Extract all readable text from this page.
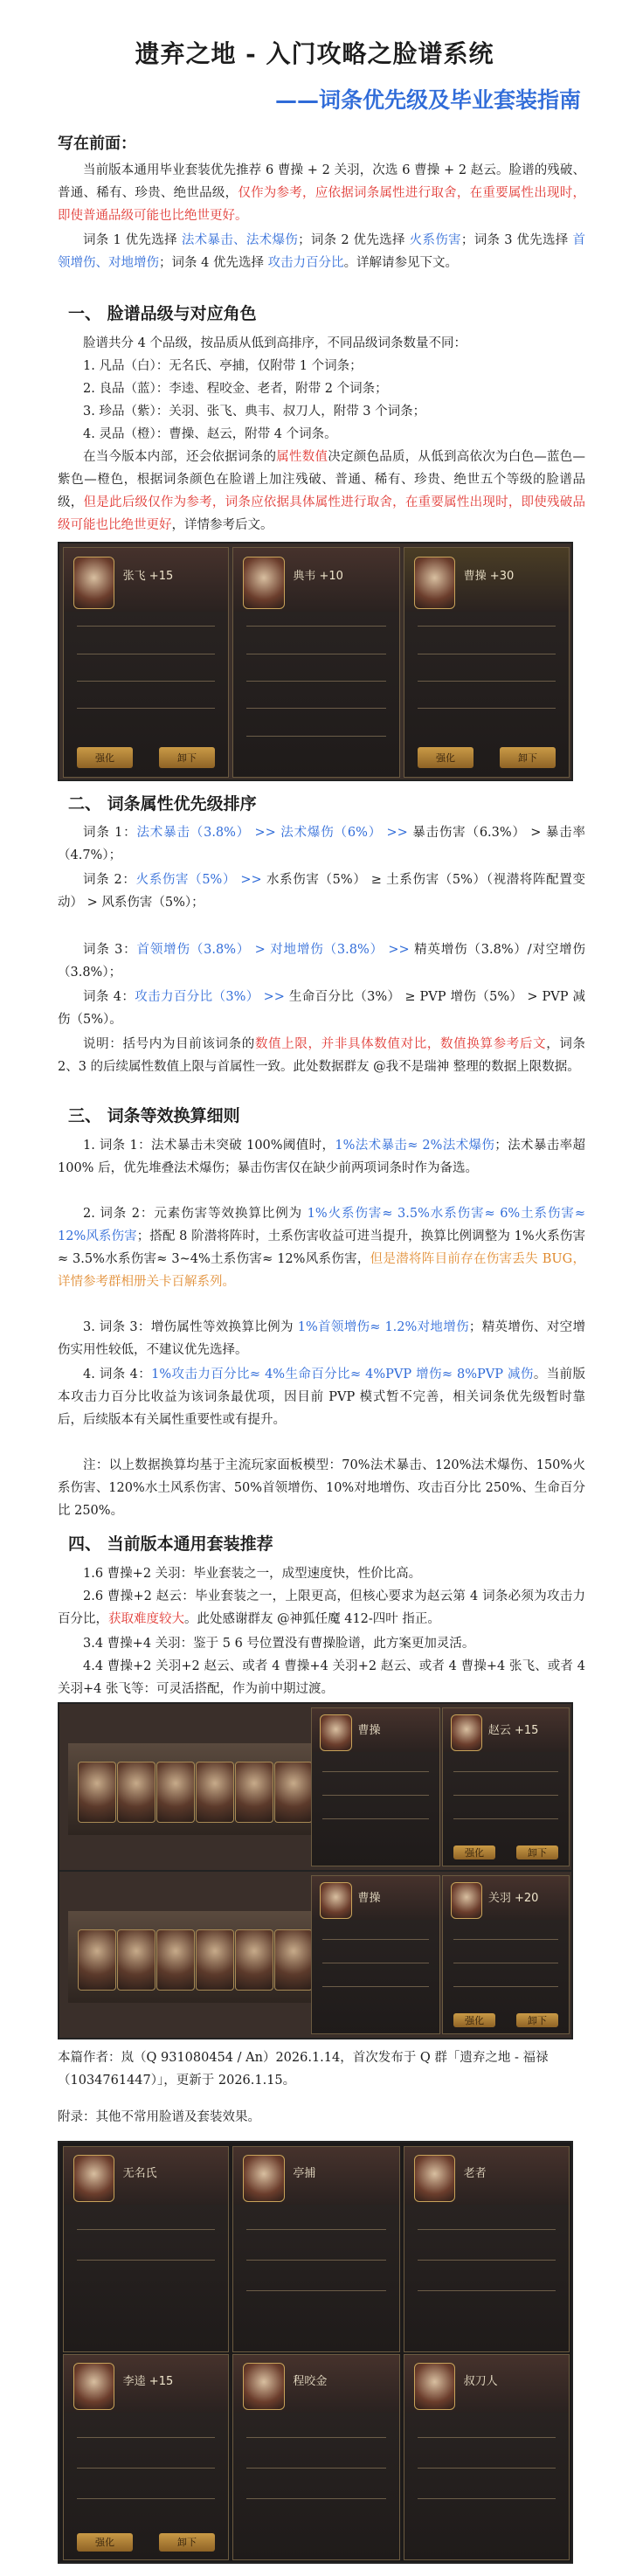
遗弃之地 - 入门攻略之脸谱系统
——词条优先级及毕业套装指南
写在前面：
当前版本通用毕业套装优先推荐 6 曹操 + 2 关羽，次选 6 曹操 + 2 赵云。脸谱的残破、普通、稀有、珍贵、绝世品级，仅作为参考，应依据词条属性进行取舍，在重要属性出现时，即使普通品级可能也比绝世更好。
词条 1 优先选择 法术暴击、法术爆伤；词条 2 优先选择 火系伤害；词条 3 优先选择 首领增伤、对地增伤；词条 4 优先选择 攻击力百分比。详解请参见下文。
一、 脸谱品级与对应角色
脸谱共分 4 个品级，按品质从低到高排序，不同品级词条数量不同：
1. 凡品（白）：无名氏、亭捕，仅附带 1 个词条；
2. 良品（蓝）：李逵、程咬金、老者，附带 2 个词条；
3. 珍品（紫）：关羽、张飞、典韦、叔刀人，附带 3 个词条；
4. 灵品（橙）：曹操、赵云，附带 4 个词条。
在当今版本内部，还会依据词条的属性数值决定颜色品质，从低到高依次为白色—蓝色—紫色—橙色，根据词条颜色在脸谱上加注残破、普通、稀有、珍贵、绝世五个等级的脸谱品级，但是此后级仅作为参考，词条应依据具体属性进行取舍，在重要属性出现时，即使残破品级可能也比绝世更好，详情参考后文。
张飞 +15
强化	卸下
典韦 +10	曹操 +30
强化	卸下
二、 词条属性优先级排序
词条 1：法术暴击（3.8%） >> 法术爆伤（6%） >> 暴击伤害（6.3%） > 暴击率（4.7%）；
词条 2：火系伤害（5%） >> 水系伤害（5%） ≥ 土系伤害（5%）（视潜将阵配置变动） > 风系伤害（5%）；
词条 3：首领增伤（3.8%） > 对地增伤（3.8%） >> 精英增伤（3.8%）/对空增伤（3.8%）；
词条 4：攻击力百分比（3%） >> 生命百分比（3%） ≥ PVP 增伤（5%） > PVP 减伤（5%）。
说明：括号内为目前该词条的数值上限，并非具体数值对比，数值换算参考后文，词条 2、3 的后续属性数值上限与首属性一致。此处数据群友 @我不是瑞神 整理的数据上限数据。
三、 词条等效换算细则
1. 词条 1：法术暴击未突破 100%阈值时，1%法术暴击≈ 2%法术爆伤；法术暴击率超 100% 后，优先堆叠法术爆伤；暴击伤害仅在缺少前两项词条时作为备选。
2. 词条 2：元素伤害等效换算比例为 1%火系伤害≈ 3.5%水系伤害≈ 6%土系伤害≈ 12%风系伤害；搭配 8 阶潜将阵时，土系伤害收益可进当提升，换算比例调整为 1%火系伤害≈ 3.5%水系伤害≈ 3~4%土系伤害≈ 12%风系伤害，但是潜将阵目前存在伤害丢失 BUG，详情参考群相册关卡百解系列。
3. 词条 3：增伤属性等效换算比例为 1%首领增伤≈ 1.2%对地增伤；精英增伤、对空增伤实用性较低，不建议优先选择。
4. 词条 4：1%攻击力百分比≈ 4%生命百分比≈ 4%PVP 增伤≈ 8%PVP 减伤。当前版本攻击力百分比收益为该词条最优项，因目前 PVP 模式暂不完善，相关词条优先级暂时靠后，后续版本有关属性重要性或有提升。
注：以上数据换算均基于主流玩家面板模型：70%法术暴击、120%法术爆伤、150%火系伤害、120%水土风系伤害、50%首领增伤、10%对地增伤、攻击百分比 250%、生命百分比 250%。
四、 当前版本通用套装推荐
1.6 曹操+2 关羽：毕业套装之一，成型速度快，性价比高。
2.6 曹操+2 赵云：毕业套装之一，上限更高，但核心要求为赵云第 4 词条必须为攻击力百分比，获取难度较大。此处感谢群友 @神狐任魔 412-四叶 指正。
3.4 曹操+4 关羽：鉴于 5 6 号位置没有曹操脸谱，此方案更加灵活。
4.4 曹操+2 关羽+2 赵云、或者 4 曹操+4 关羽+2 赵云、或者 4 曹操+4 张飞、或者 4 关羽+4 张飞等：可灵活搭配，作为前中期过渡。
曹操	赵云 +15
强化	卸下
曹操	关羽 +20
强化	卸下
本篇作者：岚（Q 931080454 / An）2026.1.14，首次发布于 Q 群「遗弃之地 - 福禄（1034761447）」，更新于 2026.1.15。
附录：其他不常用脸谱及套装效果。
无名氏	亭捕	老者
李逵 +15
强化	卸下
程咬金	叔刀人
